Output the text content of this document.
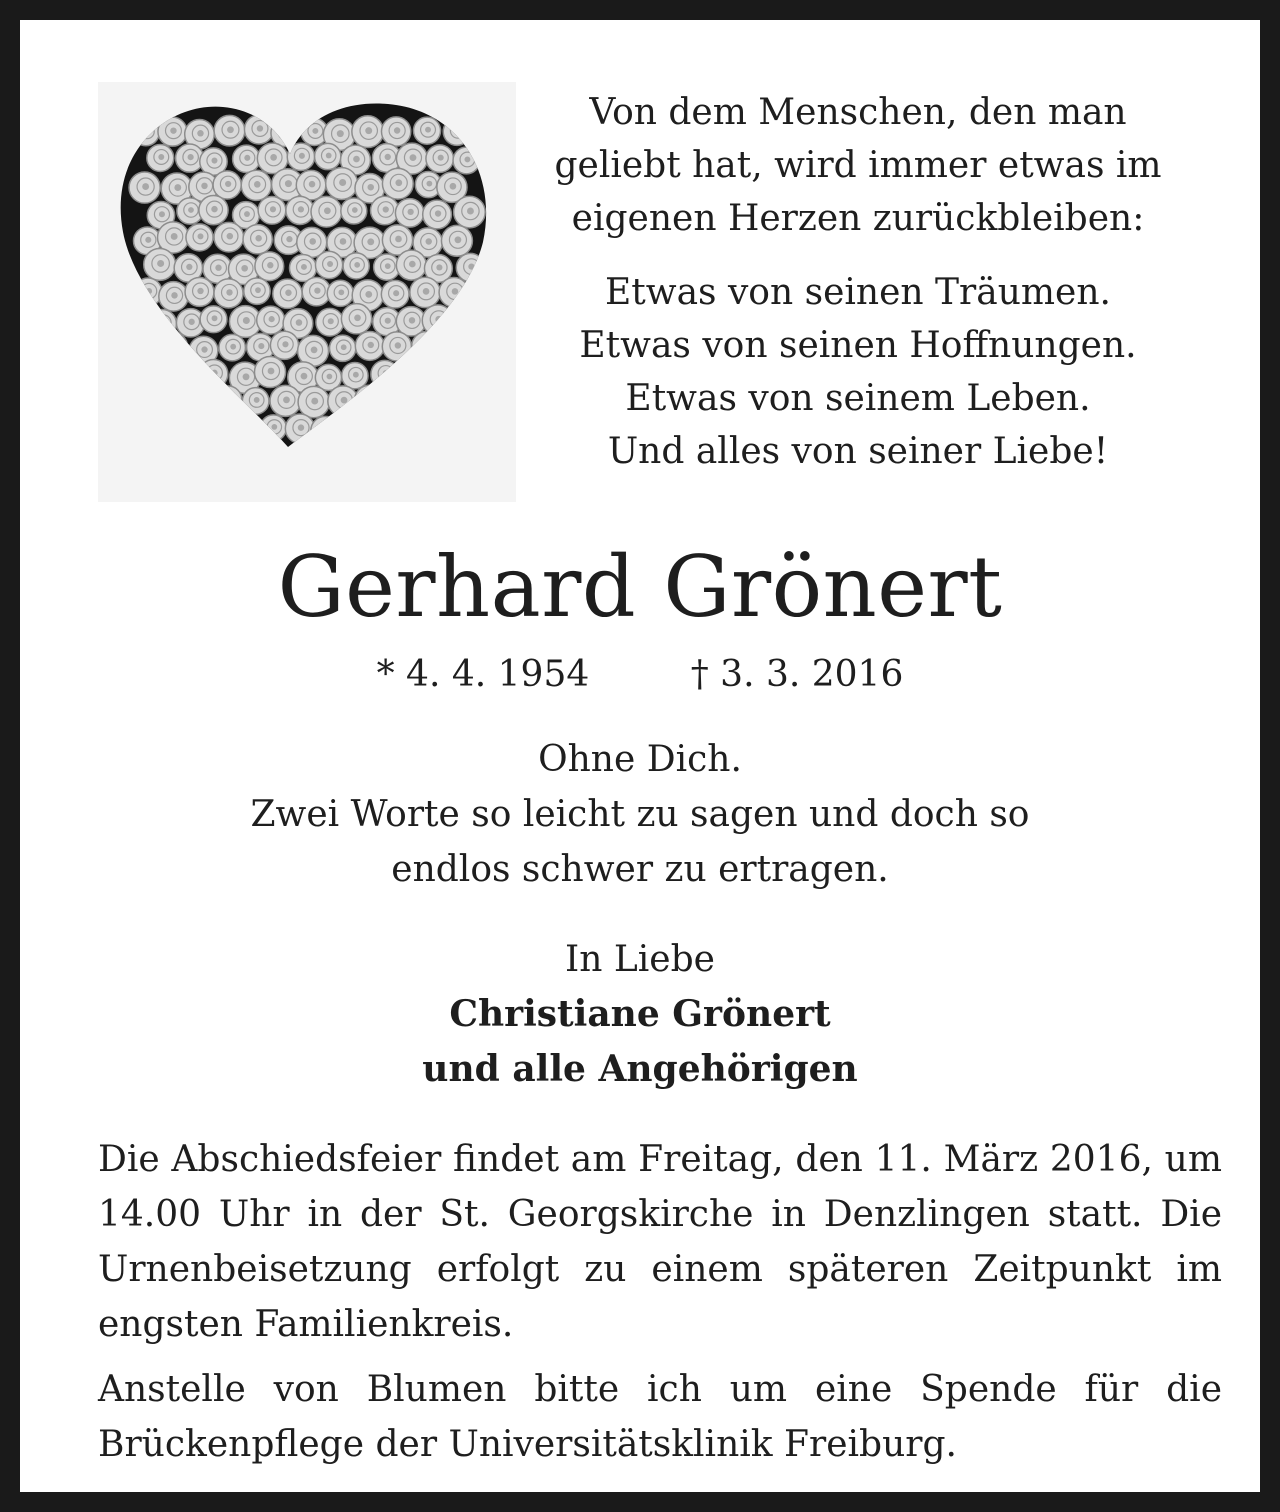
Von dem Menschen, den man
geliebt hat, wird immer etwas im
eigenen Herzen zurückbleiben:

Etwas von seinen Träumen.
Etwas von seinen Hoffnungen.
Etwas von seinem Leben.
Und alles von seiner Liebe!

Gerhard Grönert
* 4. 4. 1954	† 3. 3. 2016

Ohne Dich.
Zwei Worte so leicht zu sagen und doch so
endlos schwer zu ertragen.

In Liebe
Christiane Grönert
und alle Angehörigen

Die Abschiedsfeier findet am Freitag, den 11. März 2016, um 14.00 Uhr in der St. Georgskirche in Denzlingen statt. Die Urnenbeisetzung erfolgt zu einem späteren Zeitpunkt im engsten Familienkreis.

Anstelle von Blumen bitte ich um eine Spende für die Brückenpflege der Universitätsklinik Freiburg.
